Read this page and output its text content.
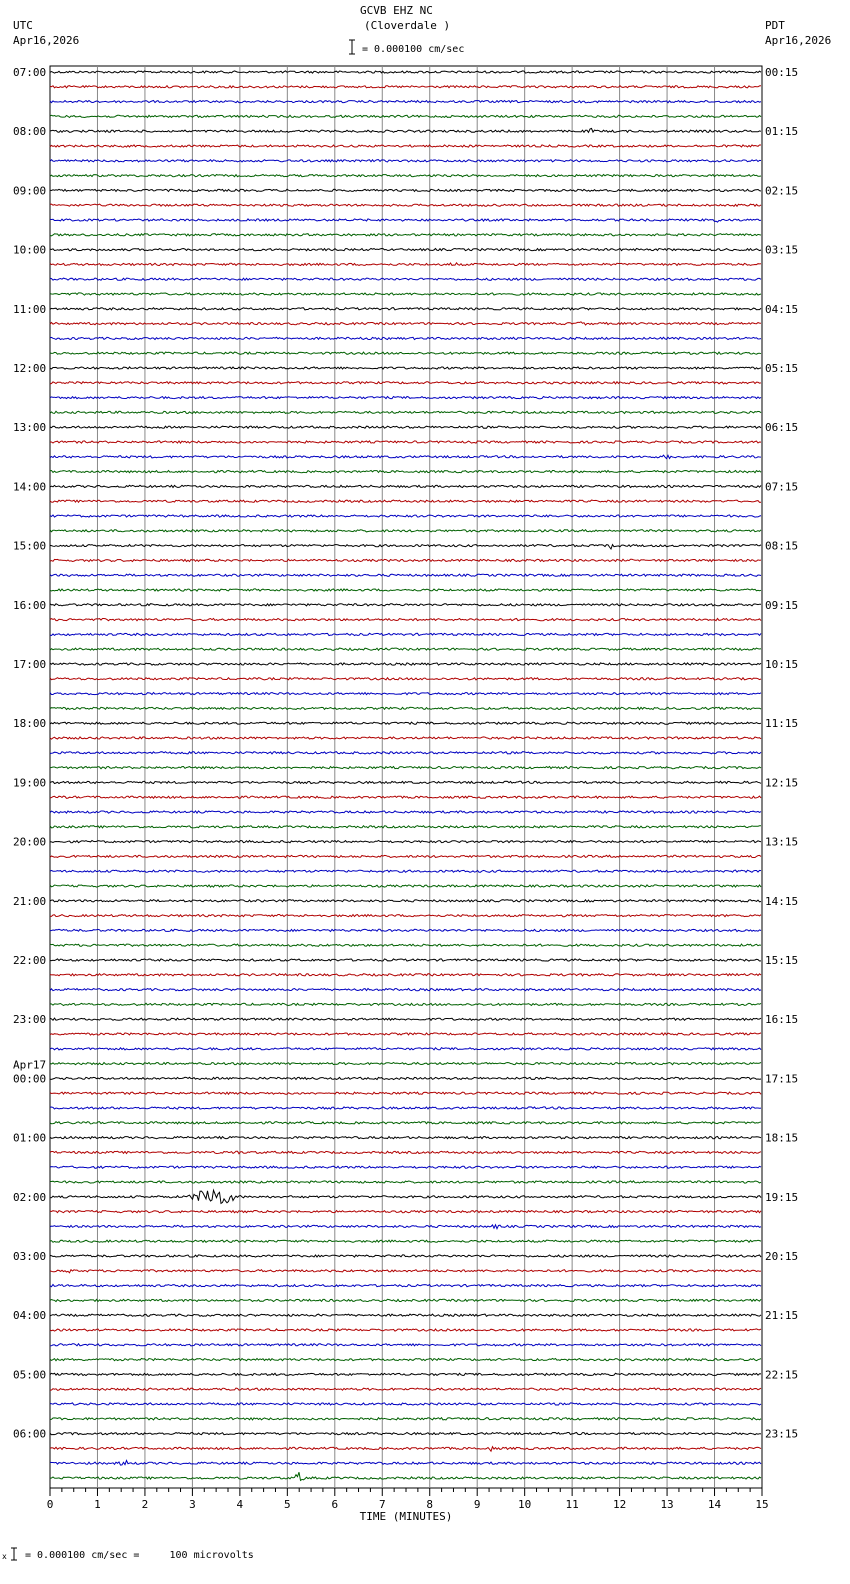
GCVB EHZ NC
(Cloverdale )
UTC
Apr16,2026
PDT
Apr16,2026
= 0.000100 cm/sec
x = 0.000100 cm/sec =     100 microvolts
07:00
08:00
09:00
10:00
11:00
12:00
13:00
14:00
15:00
16:00
17:00
18:00
19:00
20:00
21:00
22:00
23:00
00:00
01:00
02:00
03:00
04:00
05:00
06:00
00:15
01:15
02:15
03:15
04:15
05:15
06:15
07:15
08:15
09:15
10:15
11:15
12:15
13:15
14:15
15:15
16:15
17:15
18:15
19:15
20:15
21:15
22:15
23:15
Apr17
0	1	2	3	4	5	6	7	8	9	10	11	12	13	14	15
TIME (MINUTES)
